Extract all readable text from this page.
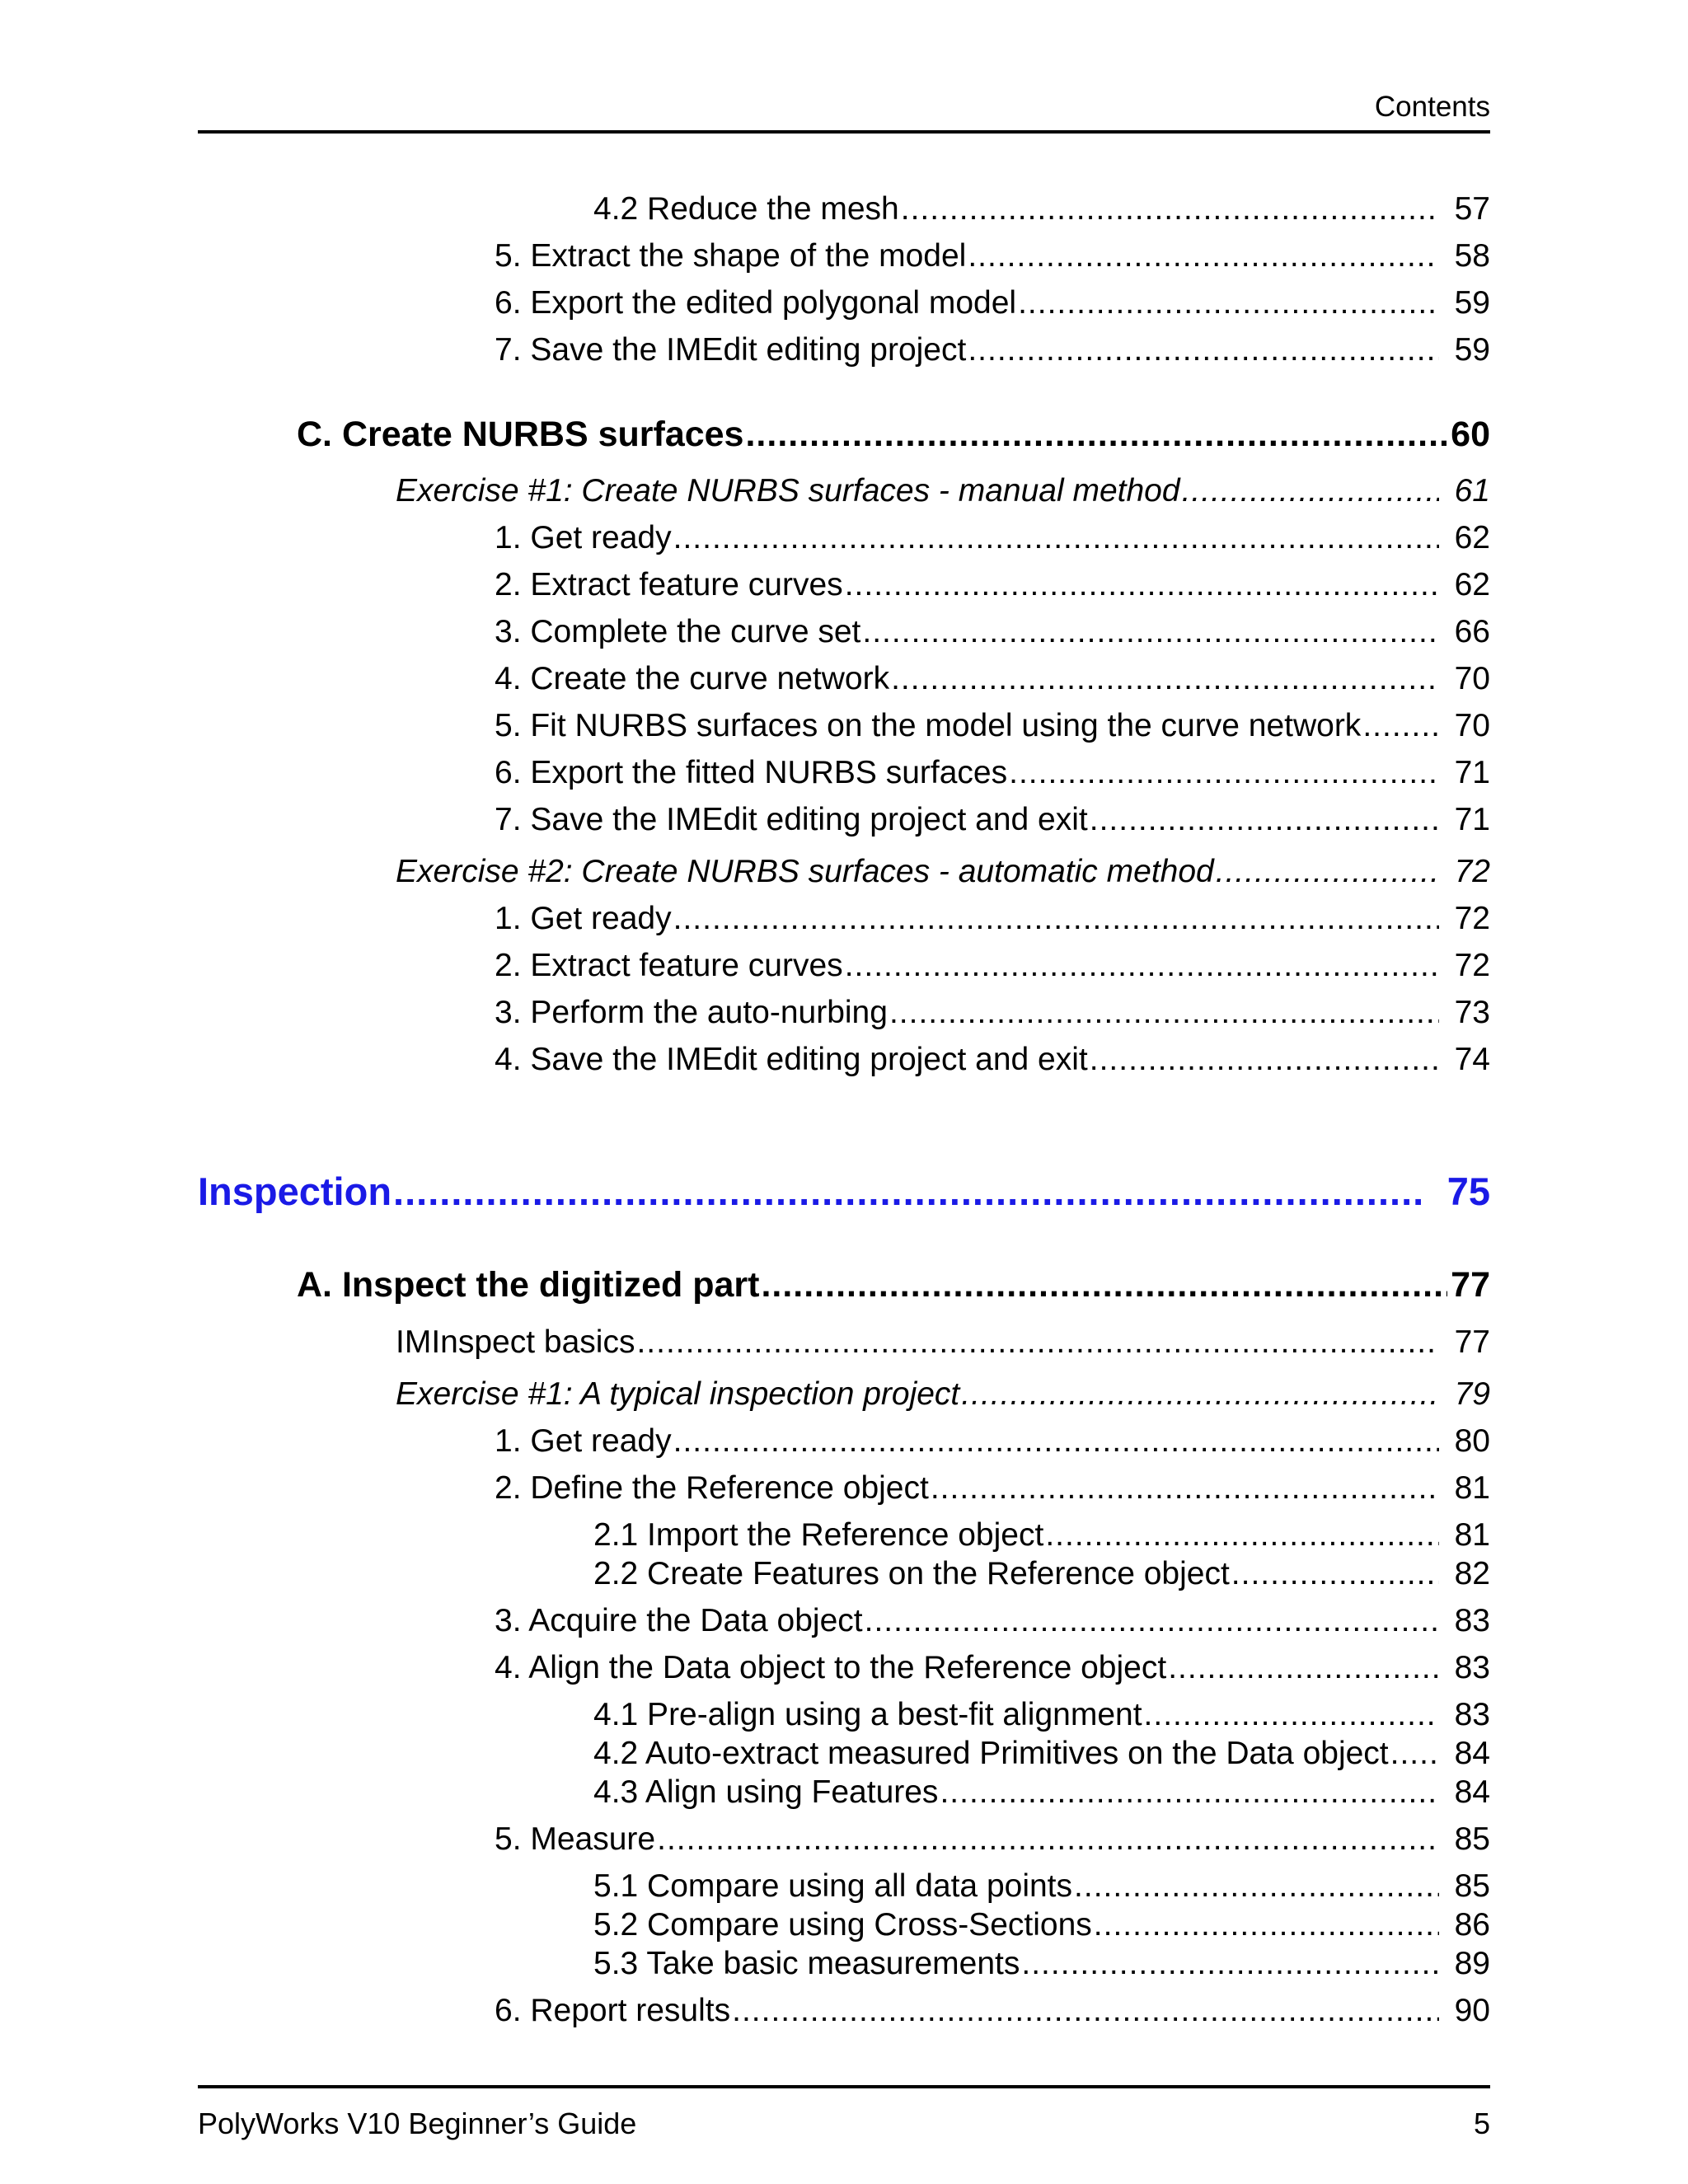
Contents
4.2 Reduce the mesh .....	57
5. Extract the shape of the model .....	58
6. Export the edited polygonal model .....	59
7. Save the IMEdit editing project .....	59
C. Create NURBS surfaces .....	60
Exercise #1: Create NURBS surfaces - manual method .....	61
1. Get ready .....	62
2. Extract feature curves .....	62
3. Complete the curve set .....	66
4. Create the curve network .....	70
5. Fit NURBS surfaces on the model using the curve network .....	70
6. Export the fitted NURBS surfaces .....	71
7. Save the IMEdit editing project and exit .....	71
Exercise #2: Create NURBS surfaces - automatic method .....	72
1. Get ready .....	72
2. Extract feature curves .....	72
3. Perform the auto-nurbing .....	73
4. Save the IMEdit editing project and exit .....	74
Inspection .....	75
A. Inspect the digitized part .....	77
IMInspect basics .....	77
Exercise #1: A typical inspection project .....	79
1. Get ready .....	80
2. Define the Reference object .....	81
2.1 Import the Reference object .....	81
2.2 Create Features on the Reference object .....	82
3. Acquire the Data object .....	83
4. Align the Data object to the Reference object .....	83
4.1 Pre-align using a best-fit alignment .....	83
4.2 Auto-extract measured Primitives on the Data object .....	84
4.3 Align using Features .....	84
5. Measure .....	85
5.1 Compare using all data points .....	85
5.2 Compare using Cross-Sections .....	86
5.3 Take basic measurements .....	89
6. Report results .....	90
PolyWorks V10 Beginner’s Guide	5
